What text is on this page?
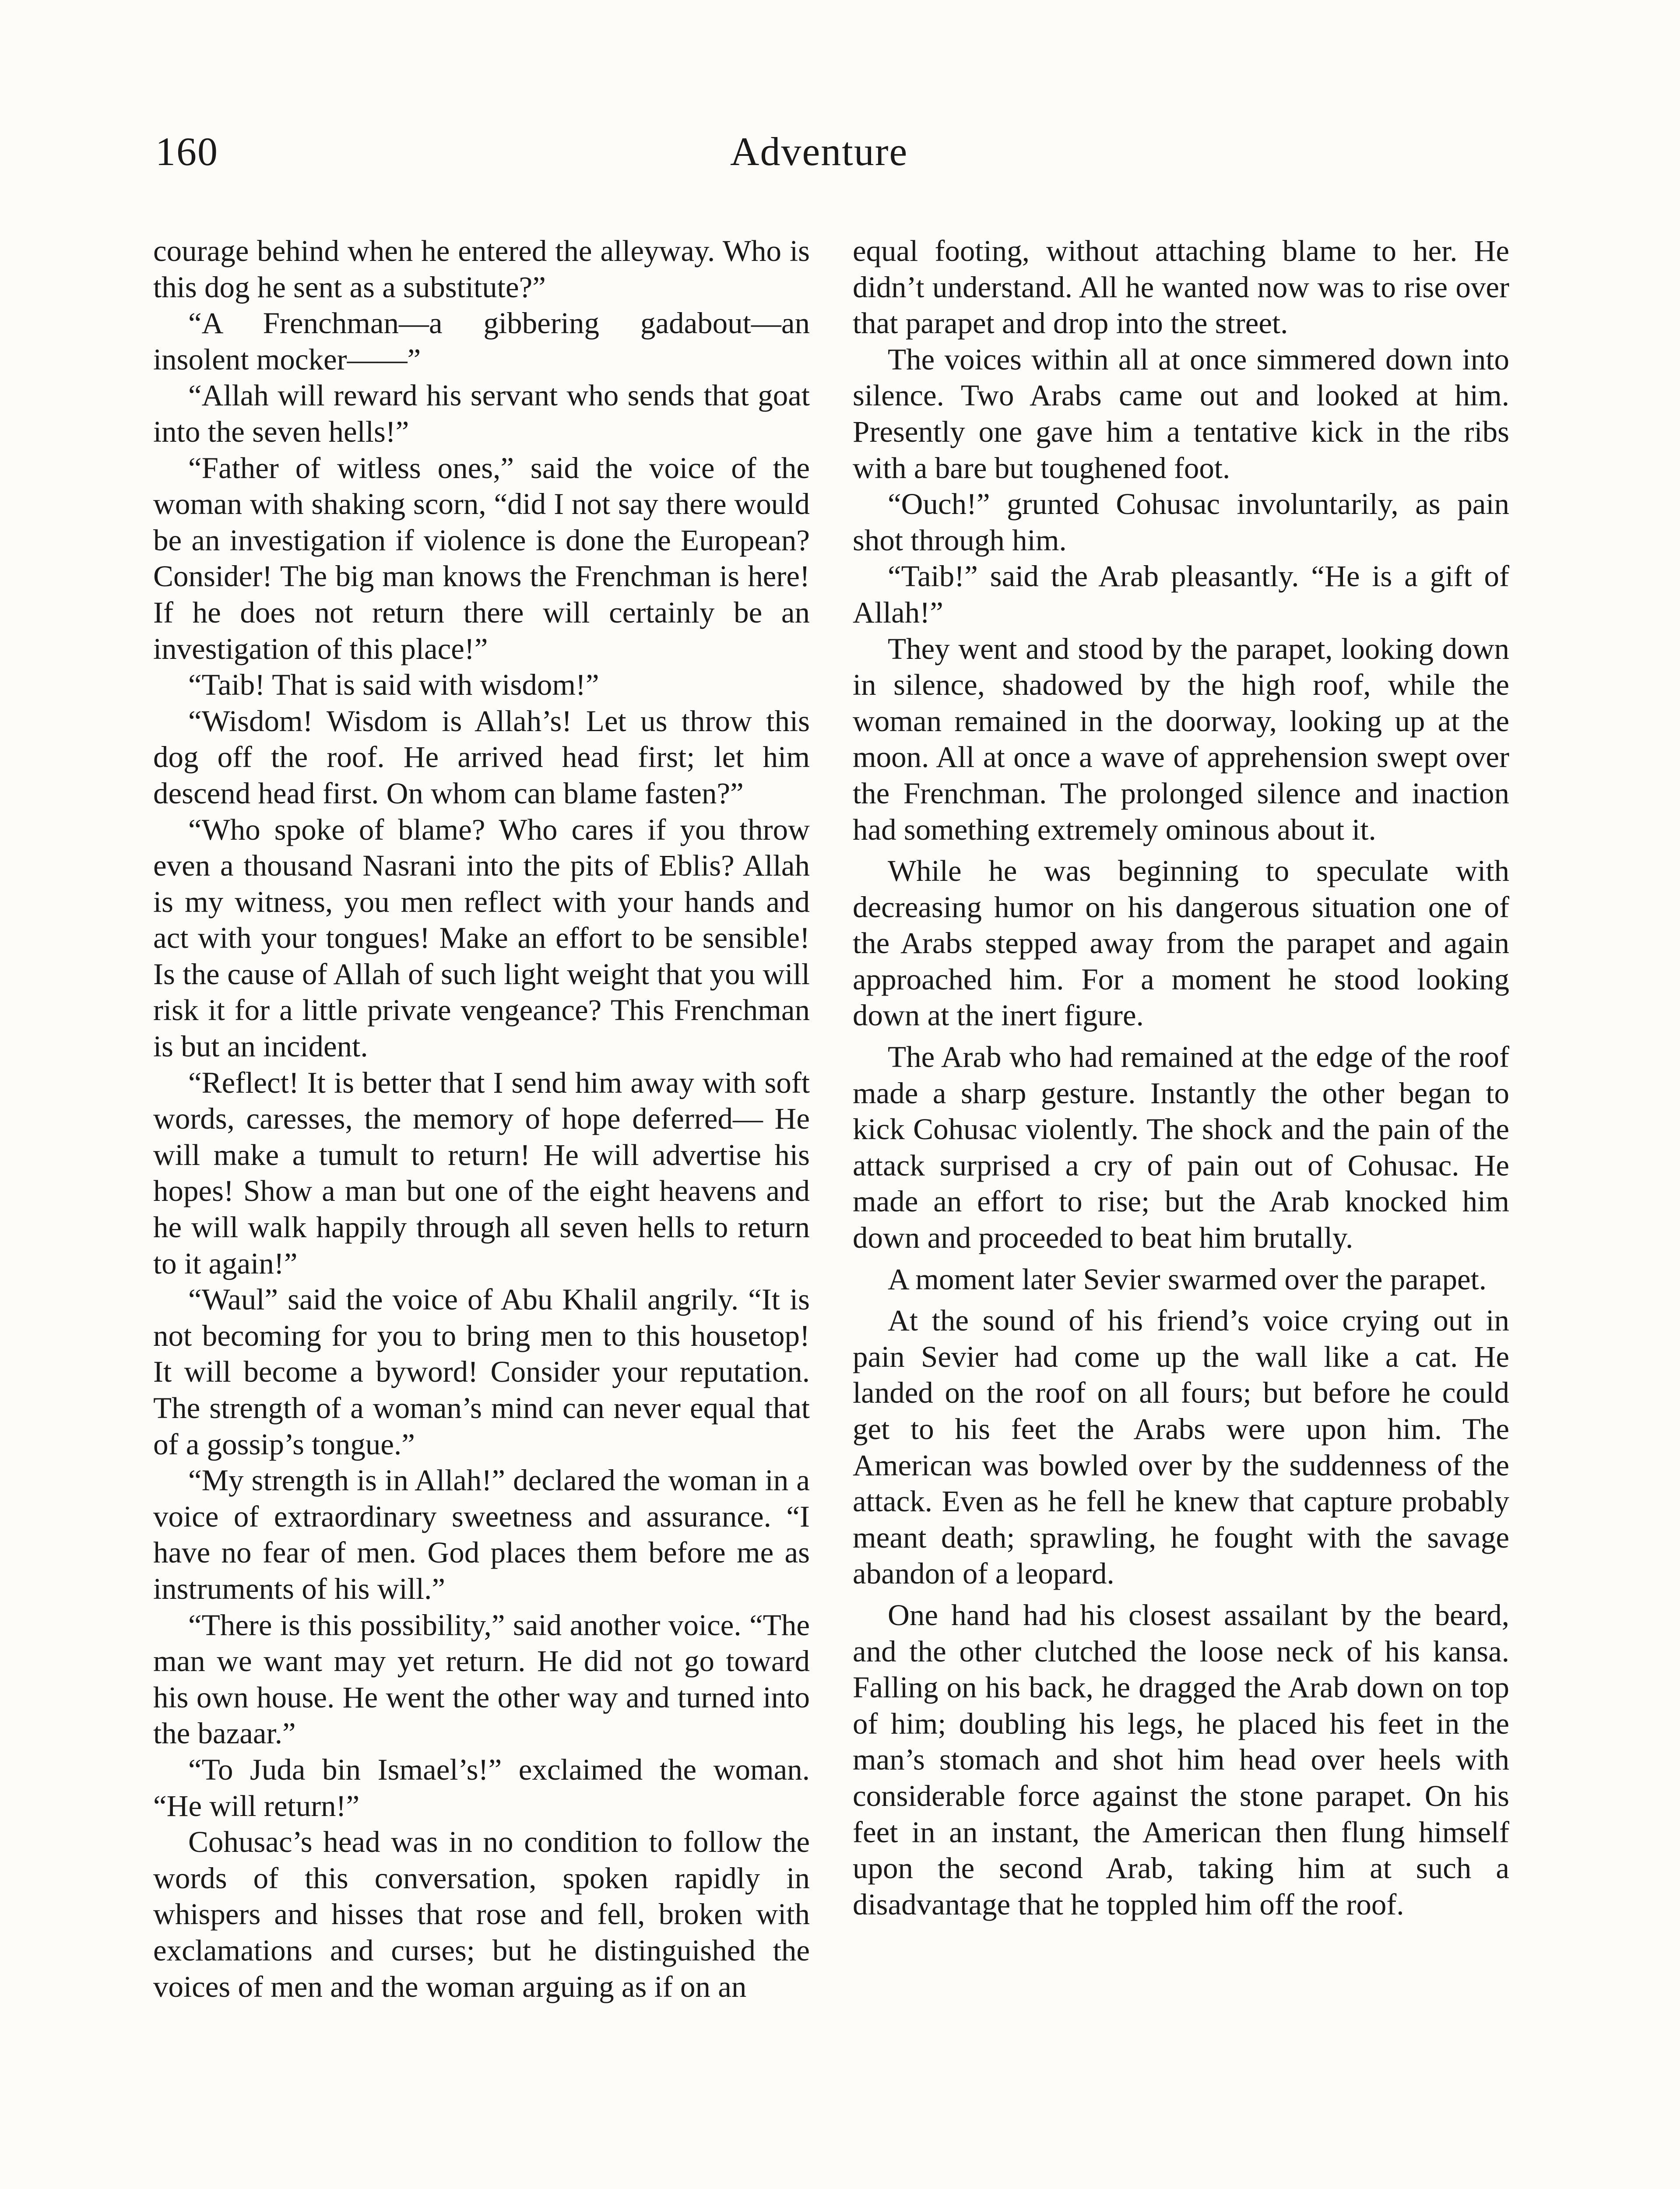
160	Adventure

courage behind when he entered the alleyway. Who is this dog he sent as a substitute?”

“A Frenchman—a gibbering gadabout—an insolent mocker——”

“Allah will reward his servant who sends that goat into the seven hells!”

“Father of witless ones,” said the voice of the woman with shaking scorn, “did I not say there would be an investigation if violence is done the European? Consider! The big man knows the Frenchman is here! If he does not return there will certainly be an investigation of this place!”

“Taib! That is said with wisdom!”

“Wisdom! Wisdom is Allah’s! Let us throw this dog off the roof. He arrived head first; let him descend head first. On whom can blame fasten?”

“Who spoke of blame? Who cares if you throw even a thousand Nasrani into the pits of Eblis? Allah is my witness, you men reflect with your hands and act with your tongues! Make an effort to be sensible! Is the cause of Allah of such light weight that you will risk it for a little private vengeance? This Frenchman is but an incident.

“Reflect! It is better that I send him away with soft words, caresses, the memory of hope deferred— He will make a tumult to return! He will advertise his hopes! Show a man but one of the eight heavens and he will walk happily through all seven hells to return to it again!”

“Waul” said the voice of Abu Khalil angrily. “It is not becoming for you to bring men to this housetop! It will become a byword! Consider your reputation. The strength of a woman’s mind can never equal that of a gossip’s tongue.”

“My strength is in Allah!” declared the woman in a voice of extraordinary sweetness and assurance. “I have no fear of men. God places them before me as instruments of his will.”

“There is this possibility,” said another voice. “The man we want may yet return. He did not go toward his own house. He went the other way and turned into the bazaar.”

“To Juda bin Ismael’s!” exclaimed the woman. “He will return!”

Cohusac’s head was in no condition to follow the words of this conversation, spoken rapidly in whispers and hisses that rose and fell, broken with exclamations and curses; but he distinguished the voices of men and the woman arguing as if on an

equal footing, without attaching blame to her. He didn’t understand. All he wanted now was to rise over that parapet and drop into the street.

The voices within all at once simmered down into silence. Two Arabs came out and looked at him. Presently one gave him a tentative kick in the ribs with a bare but toughened foot.

“Ouch!” grunted Cohusac involuntarily, as pain shot through him.

“Taib!” said the Arab pleasantly. “He is a gift of Allah!”

They went and stood by the parapet, looking down in silence, shadowed by the high roof, while the woman remained in the doorway, looking up at the moon. All at once a wave of apprehension swept over the Frenchman. The prolonged silence and inaction had something extremely ominous about it.

While he was beginning to speculate with decreasing humor on his dangerous situation one of the Arabs stepped away from the parapet and again approached him. For a moment he stood looking down at the inert figure.

The Arab who had remained at the edge of the roof made a sharp gesture. Instantly the other began to kick Cohusac violently. The shock and the pain of the attack surprised a cry of pain out of Cohusac. He made an effort to rise; but the Arab knocked him down and proceeded to beat him brutally.

A moment later Sevier swarmed over the parapet.

At the sound of his friend’s voice crying out in pain Sevier had come up the wall like a cat. He landed on the roof on all fours; but before he could get to his feet the Arabs were upon him. The American was bowled over by the suddenness of the attack. Even as he fell he knew that capture probably meant death; sprawling, he fought with the savage abandon of a leopard.

One hand had his closest assailant by the beard, and the other clutched the loose neck of his kansa. Falling on his back, he dragged the Arab down on top of him; doubling his legs, he placed his feet in the man’s stomach and shot him head over heels with considerable force against the stone parapet. On his feet in an instant, the American then flung himself upon the second Arab, taking him at such a disadvantage that he toppled him off the roof.
